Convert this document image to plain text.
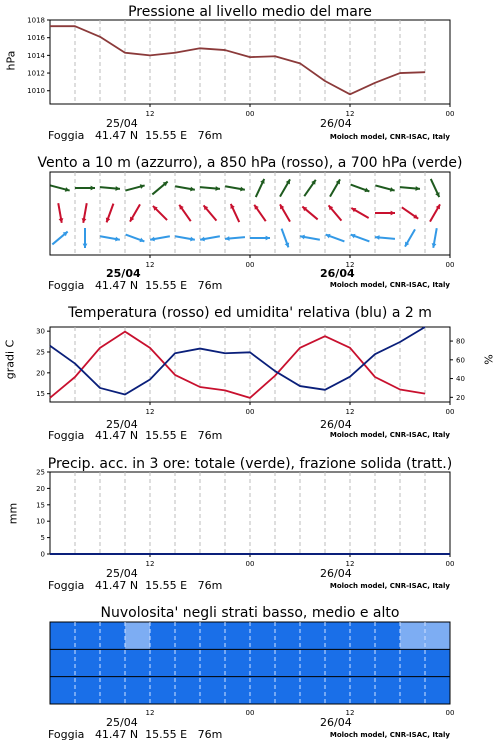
Pressione al livello medio del mare
hPa
12	00	12	00
1010
1012
1014
1016
1018
25/04	26/04
Foggia 41.47 N  15.55 E 76m	Moloch model, CNR-ISAC, Italy
Vento a 10 m (azzurro), a 850 hPa (rosso), a 700 hPa (verde)
12	00	12	00
25/04	26/04
Foggia 41.47 N  15.55 E 76m	Moloch model, CNR-ISAC, Italy
Temperatura (rosso) ed umidita' relativa (blu) a 2 m
gradi C	%
12	00	12	00
15
20
25
30
20
40
60
80
25/04	26/04
Foggia 41.47 N  15.55 E 76m	Moloch model, CNR-ISAC, Italy
Precip. acc. in 3 ore: totale (verde), frazione solida (tratt.)
mm
12	00	12	00
0
5
10
15
20
25
25/04	26/04
Foggia 41.47 N  15.55 E 76m	Moloch model, CNR-ISAC, Italy
Nuvolosita' negli strati basso, medio e alto
12	00	12	00
25/04	26/04
Foggia 41.47 N  15.55 E 76m	Moloch model, CNR-ISAC, Italy
